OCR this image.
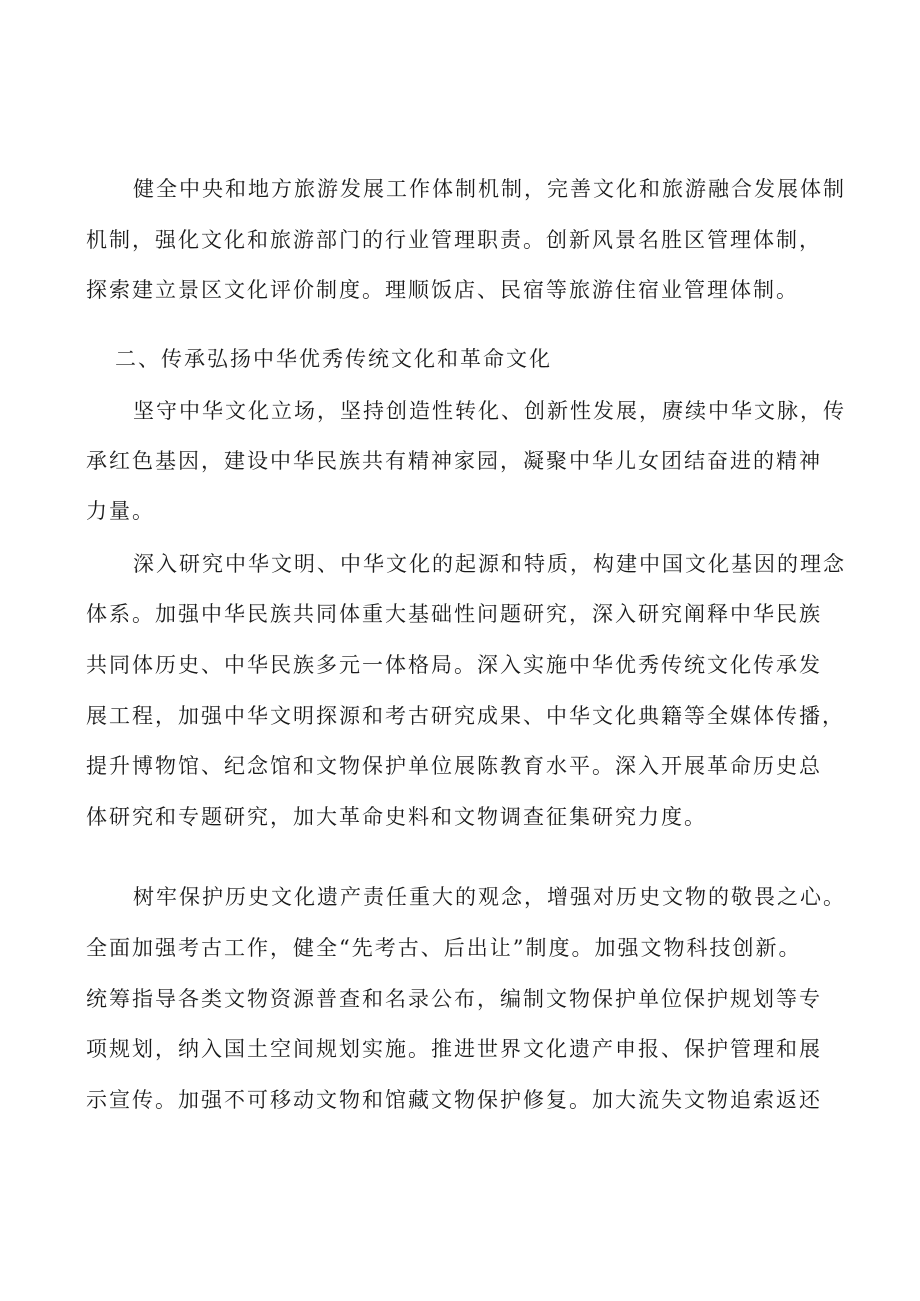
健全中央和地方旅游发展工作体制机制，完善文化和旅游融合发展体制

机制，强化文化和旅游部门的行业管理职责。创新风景名胜区管理体制，

探索建立景区文化评价制度。理顺饭店、民宿等旅游住宿业管理体制。

二、传承弘扬中华优秀传统文化和革命文化

坚守中华文化立场，坚持创造性转化、创新性发展，赓续中华文脉，传

承红色基因，建设中华民族共有精神家园，凝聚中华儿女团结奋进的精神

力量。

深入研究中华文明、中华文化的起源和特质，构建中国文化基因的理念

体系。加强中华民族共同体重大基础性问题研究，深入研究阐释中华民族

共同体历史、中华民族多元一体格局。深入实施中华优秀传统文化传承发

展工程，加强中华文明探源和考古研究成果、中华文化典籍等全媒体传播，

提升博物馆、纪念馆和文物保护单位展陈教育水平。深入开展革命历史总

体研究和专题研究，加大革命史料和文物调查征集研究力度。

树牢保护历史文化遗产责任重大的观念，增强对历史文物的敬畏之心。

全面加强考古工作，健全“先考古、后出让”制度。加强文物科技创新。

统筹指导各类文物资源普查和名录公布，编制文物保护单位保护规划等专

项规划，纳入国土空间规划实施。推进世界文化遗产申报、保护管理和展

示宣传。加强不可移动文物和馆藏文物保护修复。加大流失文物追索返还
